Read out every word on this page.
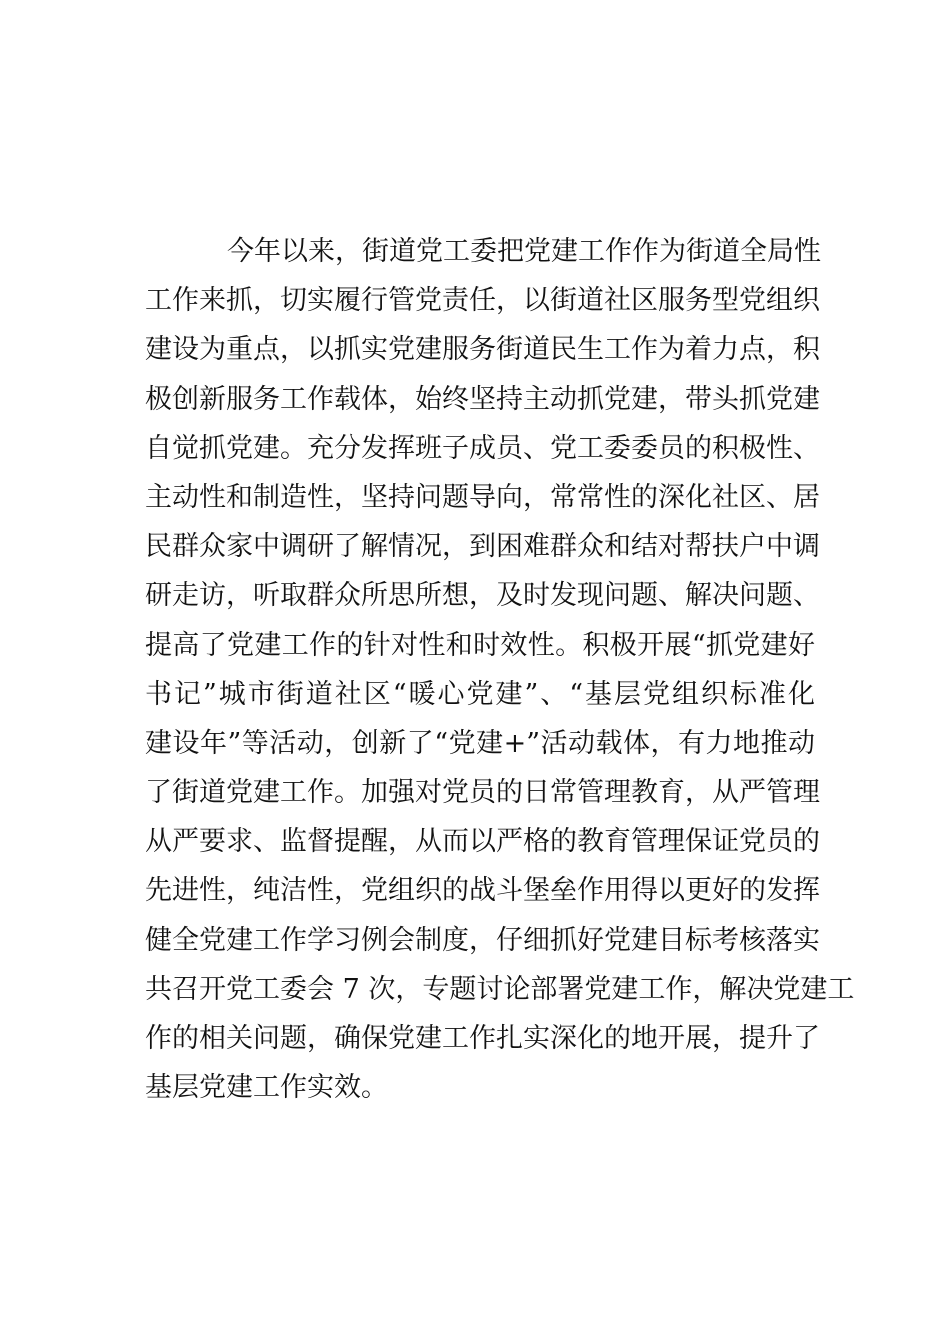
今年以来，街道党工委把党建工作作为街道全局性
工作来抓，切实履行管党责任，以街道社区服务型党组织
建设为重点，以抓实党建服务街道民生工作为着力点，积
极创新服务工作载体，始终坚持主动抓党建，带头抓党建
自觉抓党建。充分发挥班子成员、党工委委员的积极性、
主动性和制造性，坚持问题导向，常常性的深化社区、居
民群众家中调研了解情况，到困难群众和结对帮扶户中调
研走访，听取群众所思所想，及时发现问题、解决问题、
提高了党建工作的针对性和时效性。积极开展“抓党建好
书记”城市街道社区“暖心党建”、“基层党组织标准化
建设年”等活动，创新了“党建+”活动载体，有力地推动
了街道党建工作。加强对党员的日常管理教育，从严管理
从严要求、监督提醒，从而以严格的教育管理保证党员的
先进性，纯洁性，党组织的战斗堡垒作用得以更好的发挥
健全党建工作学习例会制度，仔细抓好党建目标考核落实
共召开党工委会 7 次，专题讨论部署党建工作，解决党建工
作的相关问题，确保党建工作扎实深化的地开展，提升了
基层党建工作实效。
